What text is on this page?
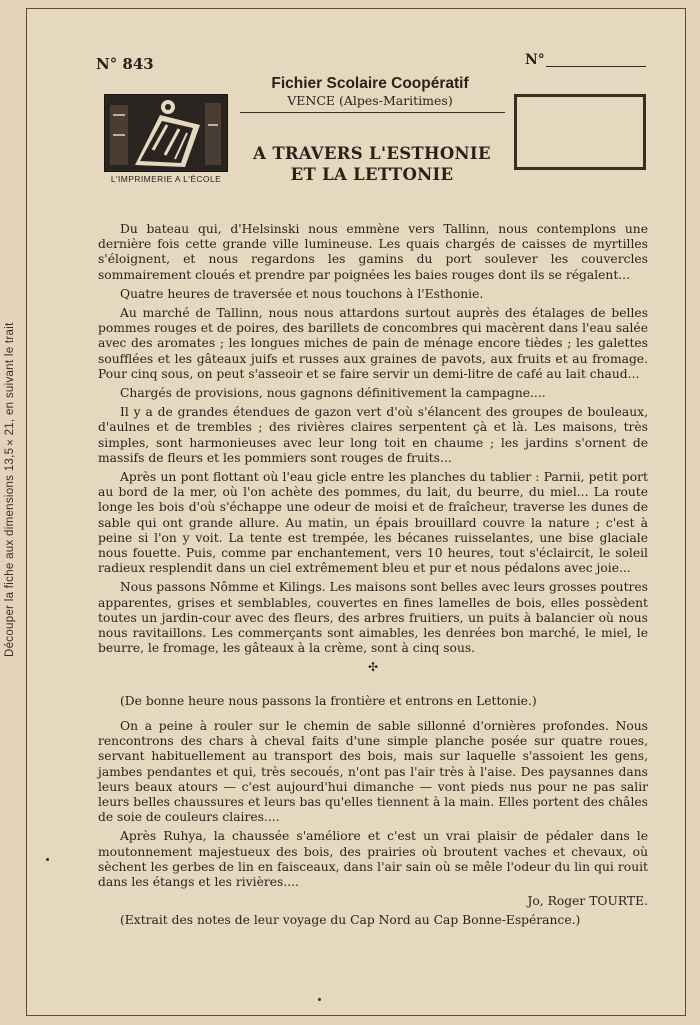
Découper la fiche aux dimensions 13,5×21, en suivant le trait
N° 843	N°
Fichier Scolaire Coopératif
VENCE (Alpes-Maritimes)
L'IMPRIMERIE A L'ÉCOLE
A TRAVERS L'ESTHONIE
ET LA LETTONIE

Du bateau qui, d'Helsinski nous emmène vers Tallinn, nous contemplons une dernière fois cette grande ville lumineuse. Les quais chargés de caisses de myrtilles s'éloignent, et nous regardons les gamins du port soulever les couvercles sommairement cloués et prendre par poignées les baies rouges dont ils se régalent...

Quatre heures de traversée et nous touchons à l'Esthonie.

Au marché de Tallinn, nous nous attardons surtout auprès des étalages de belles pommes rouges et de poires, des barillets de concombres qui macèrent dans l'eau salée avec des aromates ; les longues miches de pain de ménage encore tièdes ; les galettes soufflées et les gâteaux juifs et russes aux graines de pavots, aux fruits et au fromage. Pour cinq sous, on peut s'asseoir et se faire servir un demi-litre de café au lait chaud...

Chargés de provisions, nous gagnons définitivement la campagne....

Il y a de grandes étendues de gazon vert d'où s'élancent des groupes de bouleaux, d'aulnes et de trembles ; des rivières claires serpentent çà et là. Les maisons, très simples, sont harmonieuses avec leur long toit en chaume ; les jardins s'ornent de massifs de fleurs et les pommiers sont rouges de fruits...

Après un pont flottant où l'eau gicle entre les planches du tablier : Parnii, petit port au bord de la mer, où l'on achète des pommes, du lait, du beurre, du miel... La route longe les bois d'où s'échappe une odeur de moisi et de fraîcheur, traverse les dunes de sable qui ont grande allure. Au matin, un épais brouillard couvre la nature ; c'est à peine si l'on y voit. La tente est trempée, les bécanes ruisselantes, une bise glaciale nous fouette. Puis, comme par enchantement, vers 10 heures, tout s'éclaircit, le soleil radieux resplendit dans un ciel extrêmement bleu et pur et nous pédalons avec joie...

Nous passons Nômme et Kilings. Les maisons sont belles avec leurs grosses poutres apparentes, grises et semblables, couvertes en fines lamelles de bois, elles possèdent toutes un jardin-cour avec des fleurs, des arbres fruitiers, un puits à balancier où nous nous ravitaillons. Les commerçants sont aimables, les denrées bon marché, le miel, le beurre, le fromage, les gâteaux à la crème, sont à cinq sous.

✣

(De bonne heure nous passons la frontière et entrons en Lettonie.)

On a peine à rouler sur le chemin de sable sillonné d'ornières profondes. Nous rencontrons des chars à cheval faits d'une simple planche posée sur quatre roues, servant habituellement au transport des bois, mais sur laquelle s'assoient les gens, jambes pendantes et qui, très secoués, n'ont pas l'air très à l'aise. Des paysannes dans leurs beaux atours — c'est aujourd'hui dimanche — vont pieds nus pour ne pas salir leurs belles chaussures et leurs bas qu'elles tiennent à la main. Elles portent des châles de soie de couleurs claires....

Après Ruhya, la chaussée s'améliore et c'est un vrai plaisir de pédaler dans le moutonnement majestueux des bois, des prairies où broutent vaches et chevaux, où sèchent les gerbes de lin en faisceaux, dans l'air sain où se mêle l'odeur du lin qui rouit dans les étangs et les rivières....

Jo, Roger TOURTE.

(Extrait des notes de leur voyage du Cap Nord au Cap Bonne-Espérance.)
